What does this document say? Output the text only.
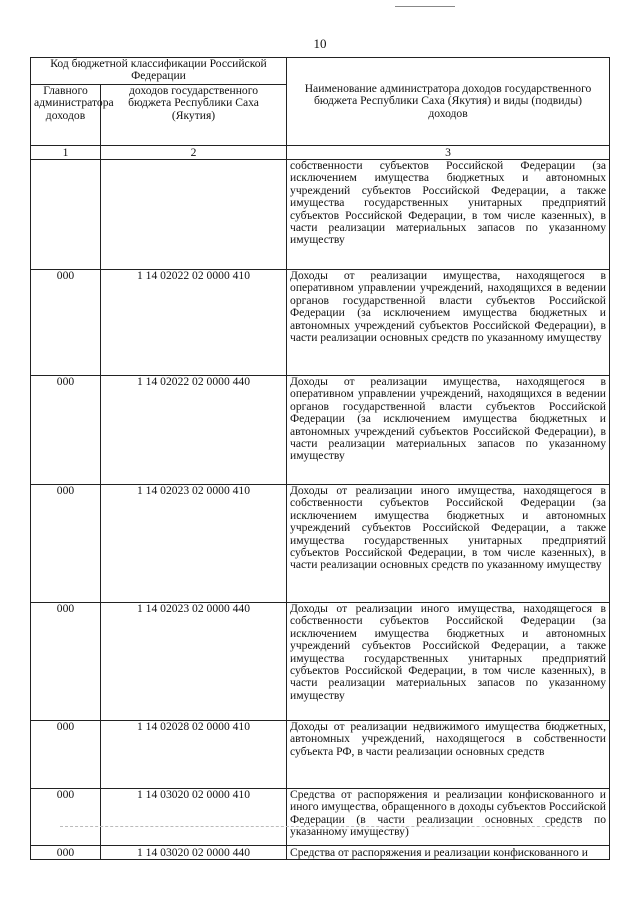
10
Код бюджетной классификации Российской Федерации		Наименование администратора доходов государственного бюджета Республики Саха (Якутия) и виды (подвиды) доходов
Главного администратора доходов	доходов государственного бюджета Республики Саха (Якутия)	
1	2	3
		собственности субъектов Российской Федерации (за исключением имущества бюджетных и автономных учреждений субъектов Российской Федерации, а также имущества государственных унитарных предприятий субъектов Российской Федерации, в том числе казенных), в части реализации материальных запасов по указанному имуществу
000	1 14 02022 02 0000 410	Доходы от реализации имущества, находящегося в оперативном управлении учреждений, находящихся в ведении органов государственной власти субъектов Российской Федерации (за исключением имущества бюджетных и автономных учреждений субъектов Российской Федерации), в части реализации основных средств по указанному имуществу
000	1 14 02022 02 0000 440	Доходы от реализации имущества, находящегося в оперативном управлении учреждений, находящихся в ведении органов государственной власти субъектов Российской Федерации (за исключением имущества бюджетных и автономных учреждений субъектов Российской Федерации), в части реализации материальных запасов по указанному имуществу
000	1 14 02023 02 0000 410	Доходы от реализации иного имущества, находящегося в собственности субъектов Российской Федерации (за исключением имущества бюджетных и автономных учреждений субъектов Российской Федерации, а также имущества государственных унитарных предприятий субъектов Российской Федерации, в том числе казенных), в части реализации основных средств по указанному имуществу
000	1 14 02023 02 0000 440	Доходы от реализации иного имущества, находящегося в собственности субъектов Российской Федерации (за исключением имущества бюджетных и автономных учреждений субъектов Российской Федерации, а также имущества государственных унитарных предприятий субъектов Российской Федерации, в том числе казенных), в части реализации материальных запасов по указанному имуществу
000	1 14 02028 02 0000 410	Доходы от реализации недвижимого имущества бюджетных, автономных учреждений, находящегося в собственности субъекта РФ, в части реализации основных средств
000	1 14 03020 02 0000 410	Средства от распоряжения и реализации конфискованного и иного имущества, обращенного в доходы субъектов Российской Федерации (в части реализации основных средств по указанному имуществу)
000	1 14 03020 02 0000 440	Средства от распоряжения и реализации конфискованного и
